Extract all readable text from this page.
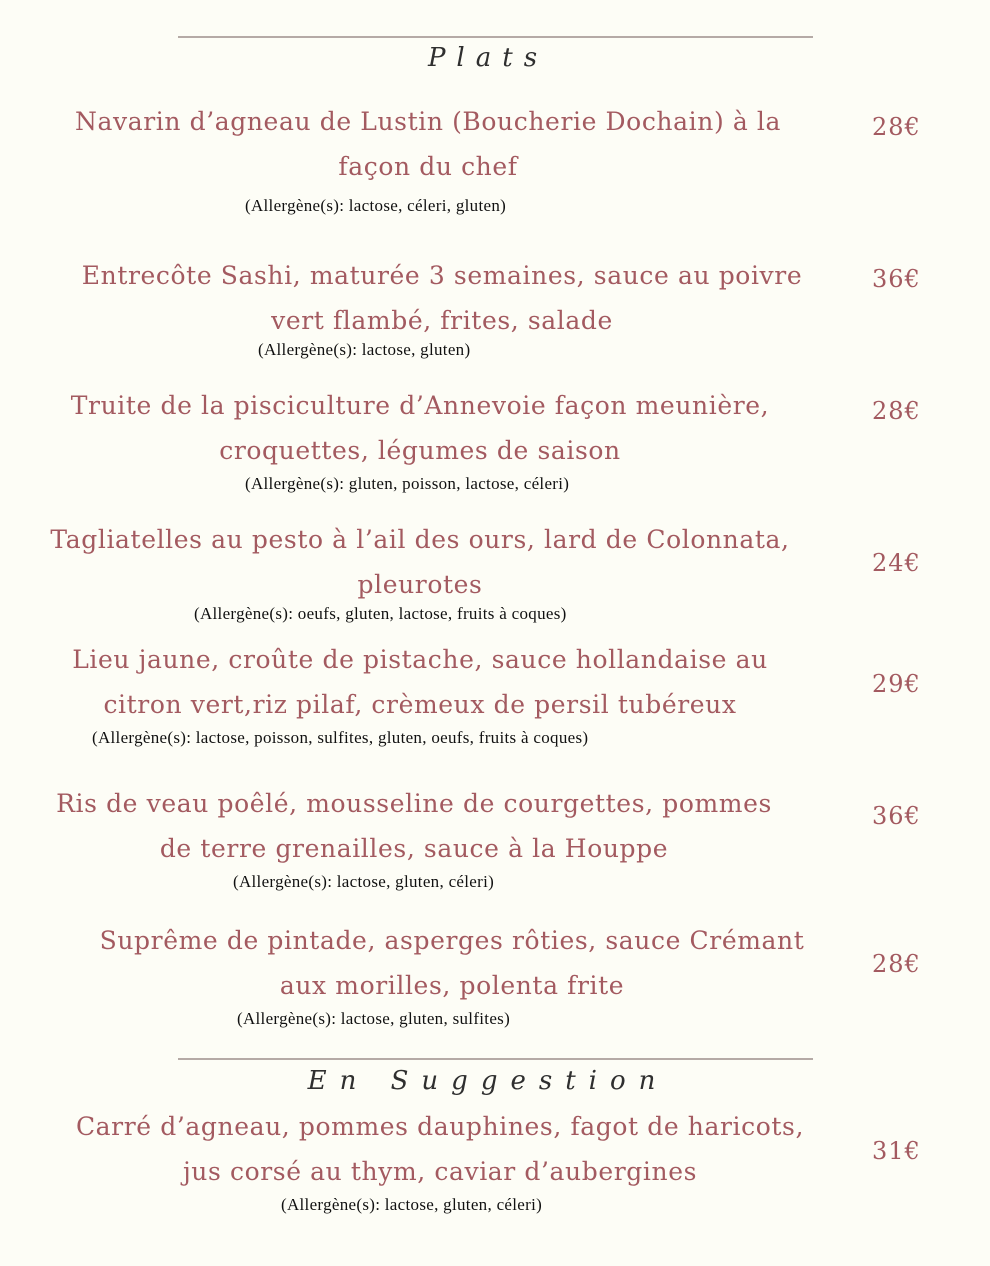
Plats
Navarin d’agneau de Lustin (Boucherie Dochain) à la
façon du chef
(Allergène(s): lactose, céleri, gluten)
28€
Entrecôte Sashi, maturée 3 semaines, sauce au poivre
vert flambé, frites, salade
(Allergène(s): lactose, gluten)
36€
Truite de la pisciculture d’Annevoie façon meunière,
croquettes, légumes de saison
(Allergène(s): gluten, poisson, lactose, céleri)
28€
Tagliatelles au pesto à l’ail des ours, lard de Colonnata,
pleurotes
(Allergène(s): oeufs, gluten, lactose, fruits à coques)
24€
Lieu jaune, croûte de pistache, sauce hollandaise au
citron vert,riz pilaf, crèmeux de persil tubéreux
(Allergène(s): lactose, poisson, sulfites, gluten, oeufs, fruits à coques)
29€
Ris de veau poêlé, mousseline de courgettes, pommes
de terre grenailles, sauce à la Houppe
(Allergène(s): lactose, gluten, céleri)
36€
Suprême de pintade, asperges rôties, sauce Crémant
aux morilles, polenta frite
(Allergène(s): lactose, gluten, sulfites)
28€
En Suggestion
Carré d’agneau, pommes dauphines, fagot de haricots,
jus corsé au thym, caviar d’aubergines
(Allergène(s): lactose, gluten, céleri)
31€
